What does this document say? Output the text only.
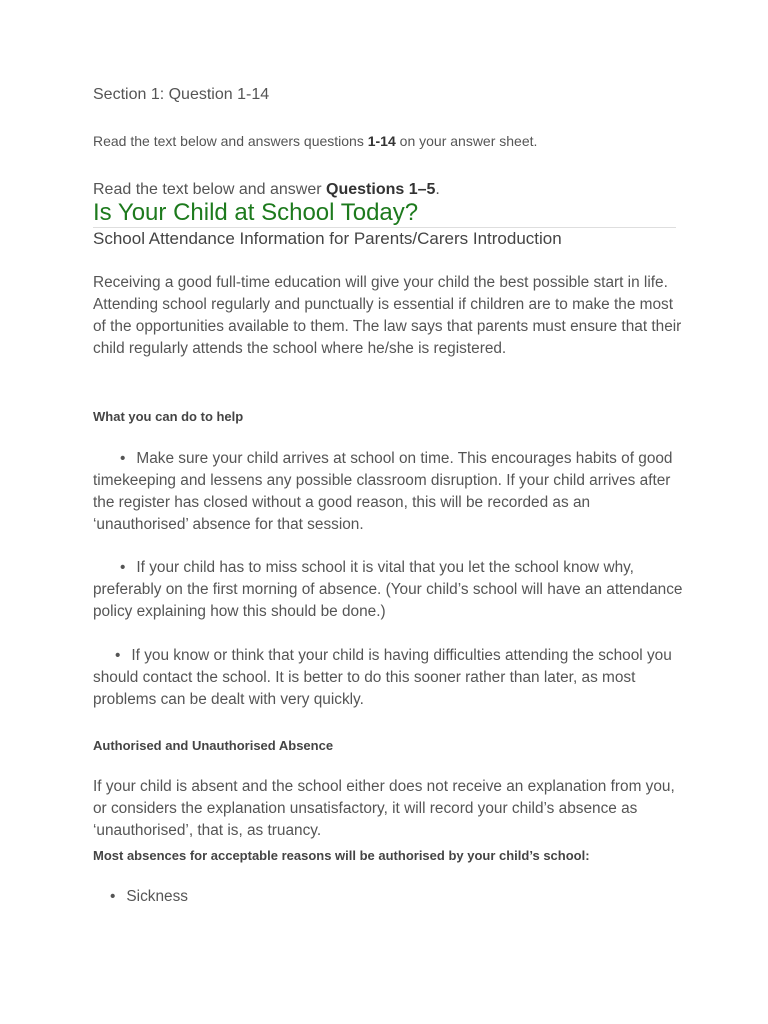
Section 1: Question 1-14

Read the text below and answers questions 1-14 on your answer sheet.

Read the text below and answer Questions 1–5.

Is Your Child at School Today?
School Attendance Information for Parents/Carers Introduction

Receiving a good full-time education will give your child the best possible start in life. Attending school regularly and punctually is essential if children are to make the most of the opportunities available to them. The law says that parents must ensure that their child regularly attends the school where he/she is registered.

What you can do to help

• Make sure your child arrives at school on time. This encourages habits of good timekeeping and lessens any possible classroom disruption. If your child arrives after the register has closed without a good reason, this will be recorded as an ‘unauthorised’ absence for that session.

• If your child has to miss school it is vital that you let the school know why, preferably on the first morning of absence. (Your child’s school will have an attendance policy explaining how this should be done.)

• If you know or think that your child is having difficulties attending the school you should contact the school. It is better to do this sooner rather than later, as most problems can be dealt with very quickly.

Authorised and Unauthorised Absence

If your child is absent and the school either does not receive an explanation from you, or considers the explanation unsatisfactory, it will record your child’s absence as ‘unauthorised’, that is, as truancy.

Most absences for acceptable reasons will be authorised by your child’s school:

• Sickness
